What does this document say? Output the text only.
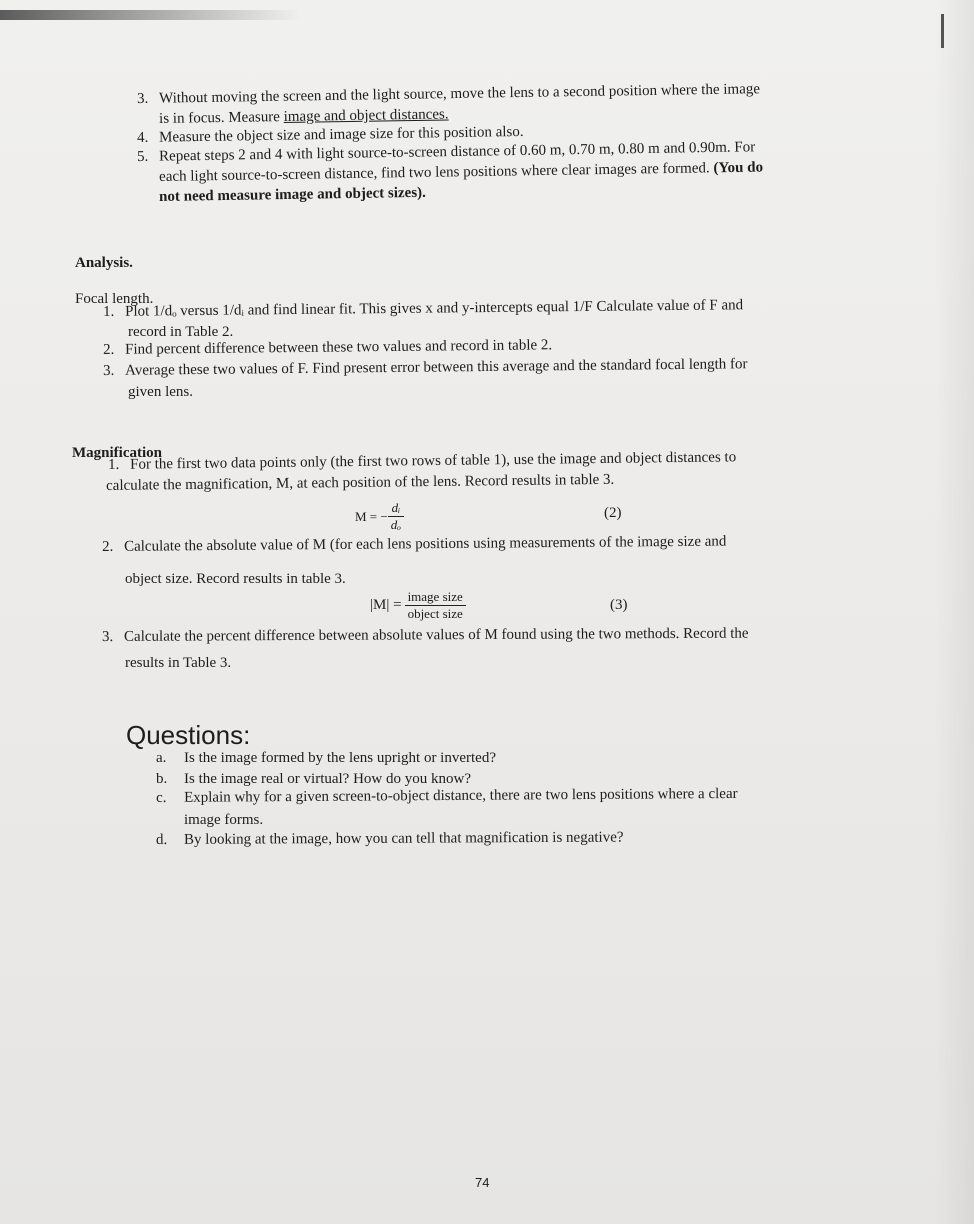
3. Without moving the screen and the light source, move the lens to a second position where the image
is in focus. Measure image and object distances.
4. Measure the object size and image size for this position also.
5. Repeat steps 2 and 4 with light source-to-screen distance of 0.60 m, 0.70 m, 0.80 m and 0.90m. For
each light source-to-screen distance, find two lens positions where clear images are formed. (You do
not need measure image and object sizes).
Analysis.
Focal length.
1. Plot 1/dₒ versus 1/dᵢ and find linear fit. This gives x and y-intercepts equal 1/F Calculate value of F and
record in Table 2.
2. Find percent difference between these two values and record in table 2.
3. Average these two values of F. Find present error between this average and the standard focal length for
given lens.
Magnification
1. For the first two data points only (the first two rows of table 1), use the image and object distances to
calculate the magnification, M, at each position of the lens. Record results in table 3.
M = − $\frac{\text{dᵢ}}{\text{dₒ}}$	(2)
2. Calculate the absolute value of M (for each lens positions using measurements of the image size and
object size. Record results in table 3.
$|M| = \frac{\text{image size}}{\text{object size}}$	(3)
3. Calculate the percent difference between absolute values of M found using the two methods. Record the
results in Table 3.
Questions:
a. Is the image formed by the lens upright or inverted?
b. Is the image real or virtual? How do you know?
c. Explain why for a given screen-to-object distance, there are two lens positions where a clear
image forms.
d. By looking at the image, how you can tell that magnification is negative?
74
